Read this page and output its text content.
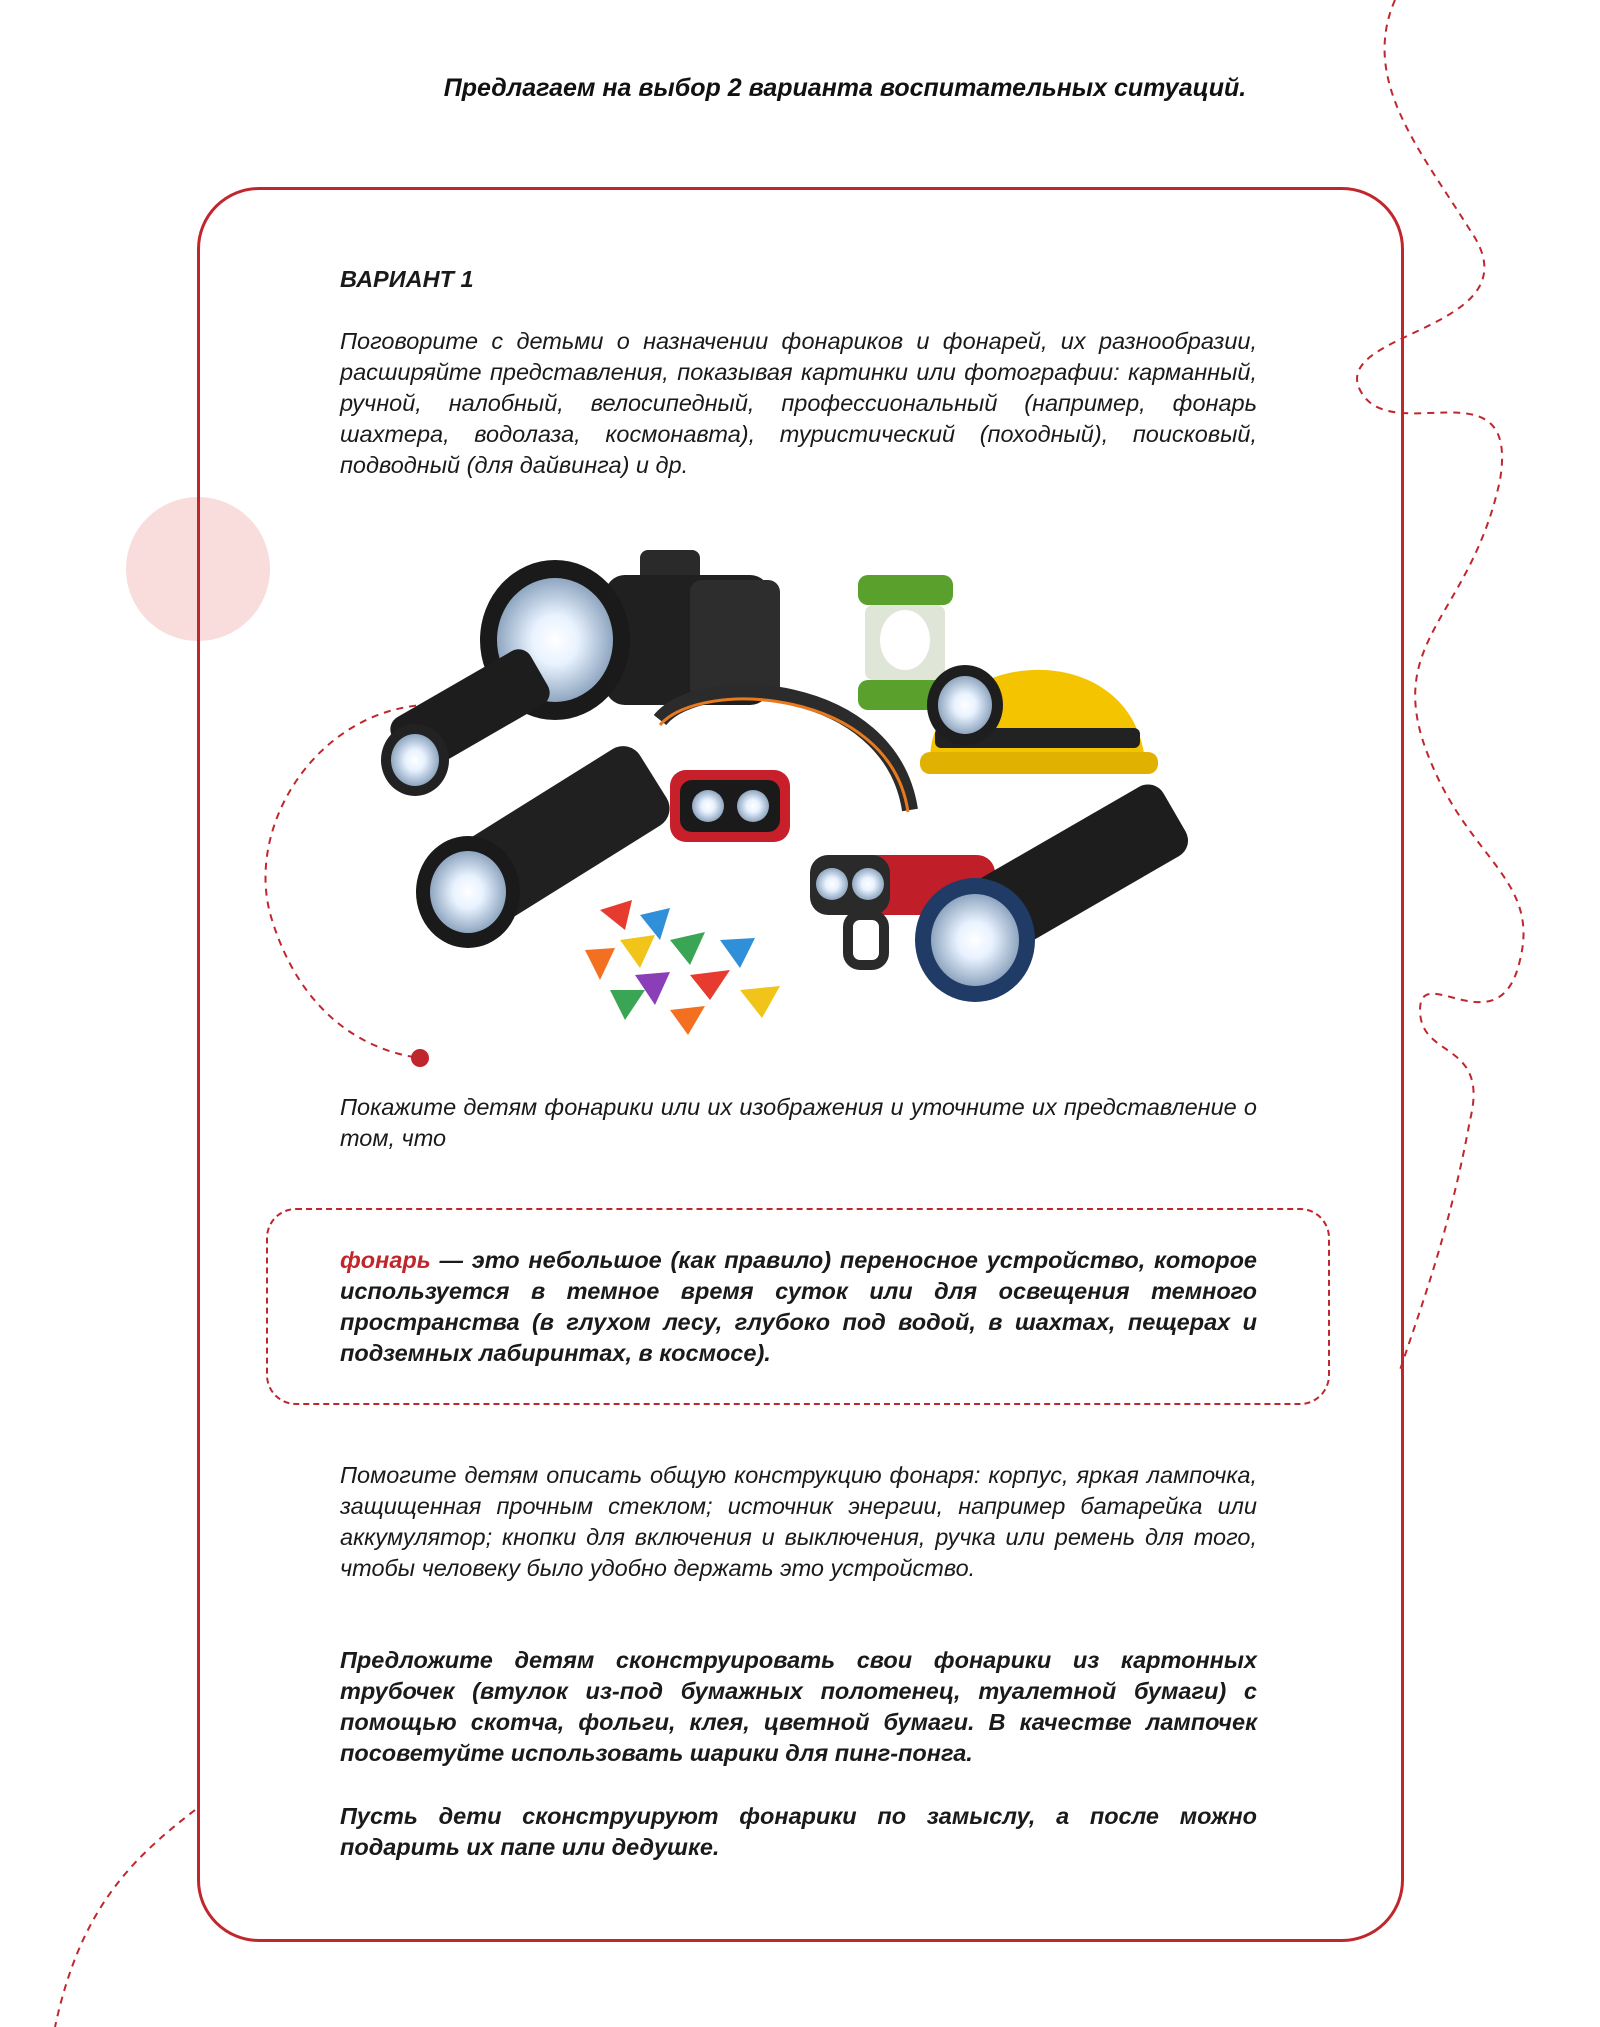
Предлагаем на выбор 2 варианта воспитательных ситуаций.
ВАРИАНТ 1
Поговорите с детьми о назначении фонариков и фонарей, их разнообразии, расширяйте представления, показывая картинки или фотографии: карманный, ручной, налобный, велосипедный, профессиональный (например, фонарь шахтера, водолаза, космонавта), туристический (походный), поисковый, подводный (для дайвинга) и др.
Покажите детям фонарики или их изображения и уточните их представление о том, что
фонарь — это небольшое (как правило) переносное устройство, которое используется в темное время суток или для освещения темного пространства (в глухом лесу, глубоко под водой, в шахтах, пещерах и подземных лабиринтах, в космосе).
Помогите детям описать общую конструкцию фонаря: корпус, яркая лампочка, защищенная прочным стеклом; источник энергии, например батарейка или аккумулятор; кнопки для включения и выключения, ручка или ремень для того, чтобы человеку было удобно держать это устройство.
Предложите детям сконструировать свои фонарики из картонных трубочек (втулок из-под бумажных полотенец, туалетной бумаги) с помощью скотча, фольги, клея, цветной бумаги. В качестве лампочек посоветуйте использовать шарики для пинг-понга.
Пусть дети сконструируют фонарики по замыслу, а после можно подарить их папе или дедушке.
